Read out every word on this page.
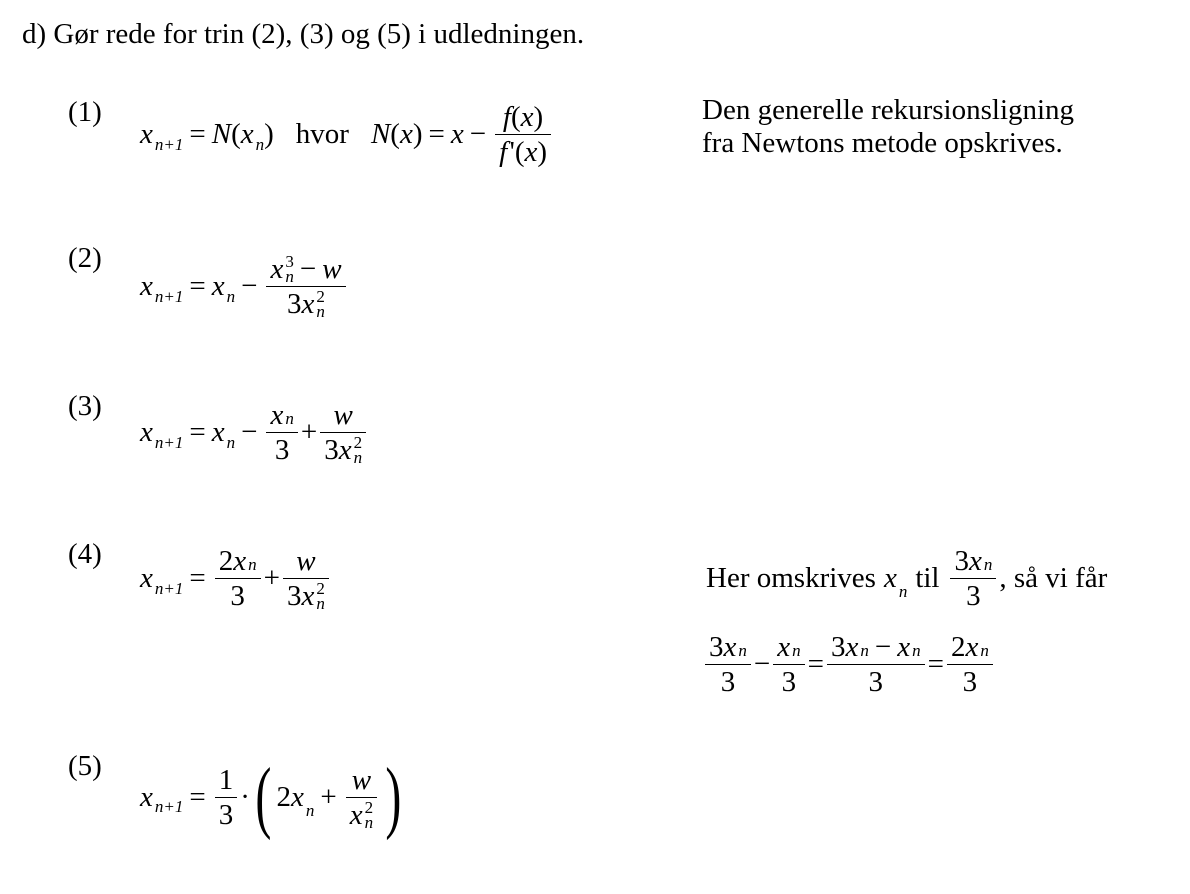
d) Gør rede for trin (2), (3) og (5) i udledningen.
(1)
x n+1 = N ( x n ) hvor N ( x ) = $x - \frac{f ( x )}{f '( x )}$	Den generelle rekursionsligning
fra Newtons metode opskrives.
(2)
x n+1 = x n − x 3
n − w
3 x 2
n
(3)
x n+1 = x $n - \frac{\text{x n}}{3} + w$
3 x 2
n
(4)
x $n+1 = \frac{\text{2 x n}}{3} + w$
3 x 2
n	Her omskrives x $_n$ til $\frac{\text{3 x n}}{3}$ , så vi får
$\frac{\text{3 x n}}{3} - \frac{\text{x n}}{3} = \frac{\text{3 x n − x n}}{3} = \frac{\text{2 x n}}{3}$
(5)
x $n+1 = \frac{1}{3}$ · ( 2x $_n$ + w
x 2
n )
